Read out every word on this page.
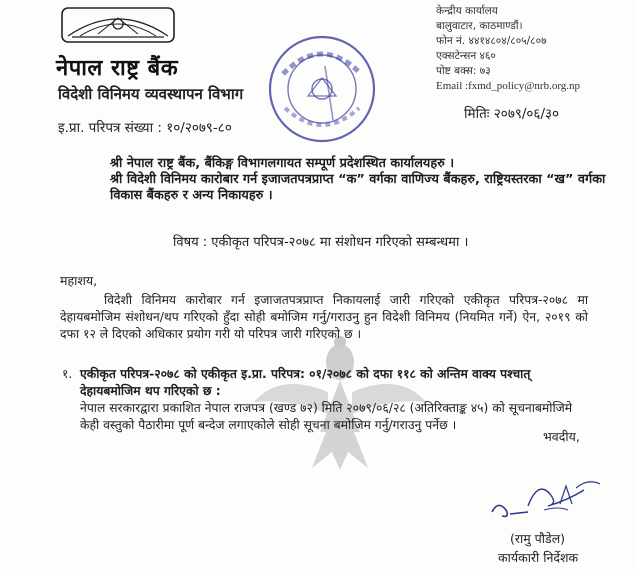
नेपाल राष्ट्र बैंक
विदेशी विनिमय व्यवस्थापन विभाग
केन्द्रीय कार्यालय
बालुवाटार, काठमाण्डौं।
फोन नं. ४४१४८०४/८०५/८०७
एक्सटेन्सन ४६०
पोष्ट बक्स: ७३
Email :fxmd_policy@nrb.org.np
इ.प्रा. परिपत्र संख्या : १०/२०७९-८०
मितिः २०७९/०६/३०
श्री नेपाल राष्ट्र बैंक, बैंकिङ्ग विभागलगायत सम्पूर्ण प्रदेशस्थित कार्यालयहरु ।
श्री विदेशी विनिमय कारोबार गर्न इजाजतपत्रप्राप्त “क” वर्गका वाणिज्य बैंकहरु, राष्ट्रियस्तरका “ख” वर्गका
विकास बैंकहरु र अन्य निकायहरु ।
विषय : एकीकृत परिपत्र-२०७८ मा संशोधन गरिएको सम्बन्धमा ।
महाशय,
विदेशी विनिमय कारोबार गर्न इजाजतपत्रप्राप्त निकायलाई जारी गरिएको एकीकृत परिपत्र-२०७८ मा देहायबमोजिम संशोधन/थप गरिएको हुँदा सोही बमोजिम गर्नु/गराउनु हुन विदेशी विनिमय (नियमित गर्ने) ऐन, २०१९ को दफा १२ ले दिएको अधिकार प्रयोग गरी यो परिपत्र जारी गरिएको छ ।
१. एकीकृत परिपत्र-२०७८ को एकीकृत इ.प्रा. परिपत्र: ०१/२०७८ को दफा ११८ को अन्तिम वाक्य पश्चात् देहायबमोजिम थप गरिएको छ :
नेपाल सरकारद्वारा प्रकाशित नेपाल राजपत्र (खण्ड ७२) मिति २०७९/०६/२८ (अतिरिक्ताङ्क ४५) को सूचनाबमोजिमे केही वस्तुको पैठारीमा पूर्ण बन्देज लगाएकोले सोही सूचना बमोजिम गर्नु/गराउनु पर्नेछ ।
भवदीय,
(रामु पौडेल)
कार्यकारी निर्देशक
